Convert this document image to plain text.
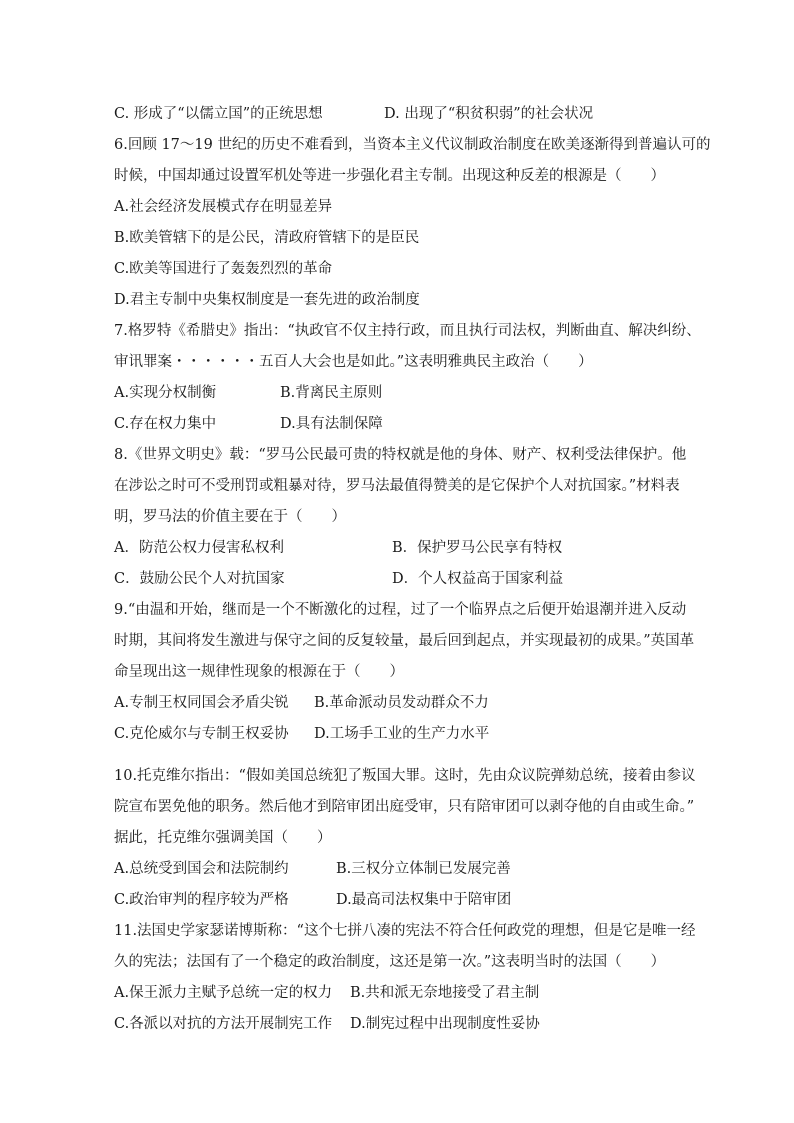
C. 形成了“以儒立国”的正统思想	D. 出现了“积贫积弱”的社会状况
6.回顾 17～19 世纪的历史不难看到，当资本主义代议制政治制度在欧美逐渐得到普遍认可的
时候，中国却通过设置军机处等进一步强化君主专制。出现这种反差的根源是（　　）
A.社会经济发展模式存在明显差异
B.欧美管辖下的是公民，清政府管辖下的是臣民
C.欧美等国进行了轰轰烈烈的革命
D.君主专制中央集权制度是一套先进的政治制度
7.格罗特《希腊史》指出：“执政官不仅主持行政，而且执行司法权，判断曲直、解决纠纷、
审讯罪案・・・・・・五百人大会也是如此。”这表明雅典民主政治（　　）
A.实现分权制衡	B.背离民主原则
C.存在权力集中	D.具有法制保障
8.《世界文明史》载：“罗马公民最可贵的特权就是他的身体、财产、权利受法律保护。他
在涉讼之时可不受刑罚或粗暴对待，罗马法最值得赞美的是它保护个人对抗国家。”材料表
明，罗马法的价值主要在于（　　）
A．防范公权力侵害私权利	B．保护罗马公民享有特权
C．鼓励公民个人对抗国家	D．个人权益高于国家利益
9.“由温和开始，继而是一个不断激化的过程，过了一个临界点之后便开始退潮并进入反动
时期，其间将发生激进与保守之间的反复较量，最后回到起点，并实现最初的成果。”英国革
命呈现出这一规律性现象的根源在于（　　）
A.专制王权同国会矛盾尖锐 B.革命派动员发动群众不力
C.克伦威尔与专制王权妥协 D.工场手工业的生产力水平
10.托克维尔指出：“假如美国总统犯了叛国大罪。这时，先由众议院弹劾总统，接着由参议
院宣布罢免他的职务。然后他才到陪审团出庭受审，只有陪审团可以剥夺他的自由或生命。”
据此，托克维尔强调美国（　　）
A.总统受到国会和法院制约	B.三权分立体制已发展完善
C.政治审判的程序较为严格	D.最高司法权集中于陪审团
11.法国史学家瑟诺博斯称：“这个七拼八凑的宪法不符合任何政党的理想，但是它是唯一经
久的宪法；法国有了一个稳定的政治制度，这还是第一次。”这表明当时的法国（　　）
A.保王派力主赋予总统一定的权力 B.共和派无奈地接受了君主制
C.各派以对抗的方法开展制宪工作 D.制宪过程中出现制度性妥协
